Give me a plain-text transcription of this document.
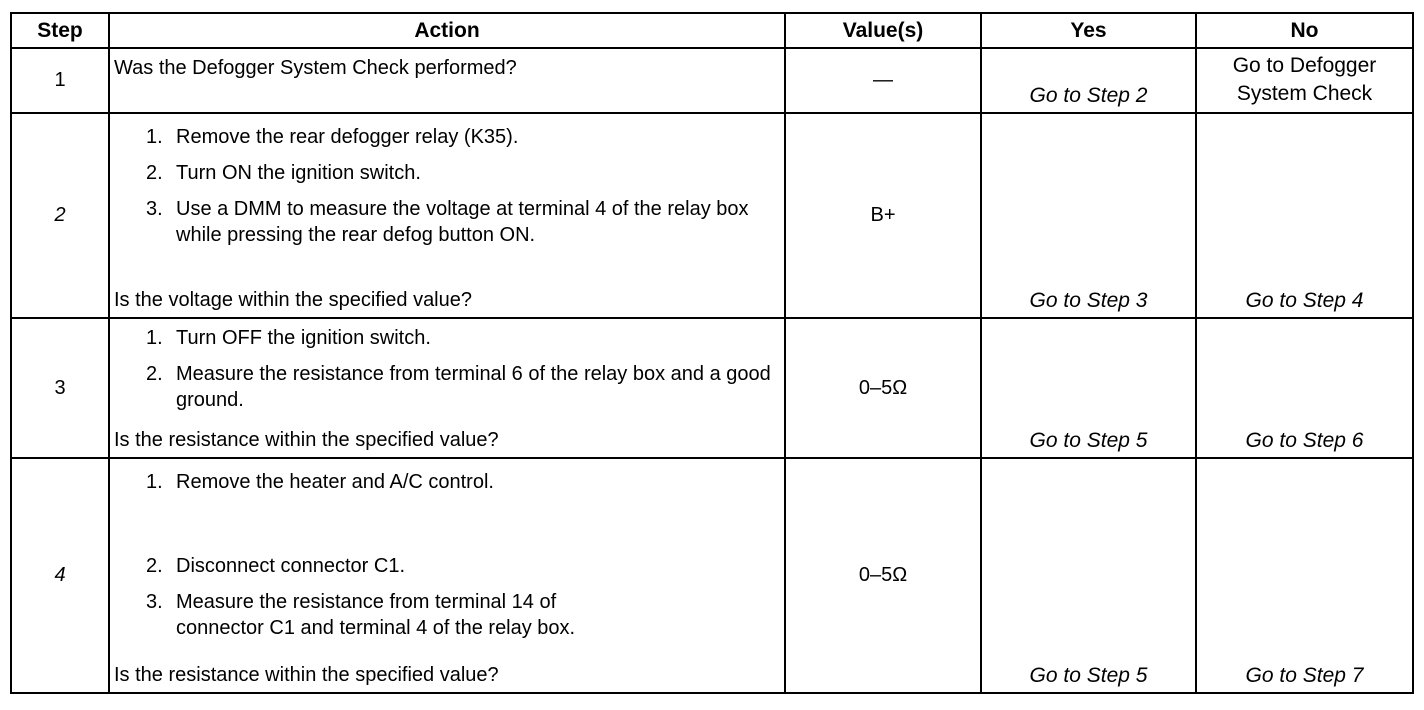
Step	Action	Value(s)	Yes	No
1	Was the Defogger System Check performed?	—	Go to Step 2	Go to Defogger
System Check

2	1. Remove the rear defogger relay (K35).
2. Turn ON the ignition switch.
3. Use a DMM to measure the voltage at terminal 4 of the relay box while pressing the rear defog button ON.
Is the voltage within the specified value?	B+	Go to Step 3	Go to Step 4

3	1. Turn OFF the ignition switch.
2. Measure the resistance from terminal 6 of the relay box and a good ground.
Is the resistance within the specified value?	0–5Ω	Go to Step 5	Go to Step 6

4	1. Remove the heater and A/C control.
2. Disconnect connector C1.
3. Measure the resistance from terminal 14 of connector C1 and terminal 4 of the relay box.
Is the resistance within the specified value?	0–5Ω	Go to Step 5	Go to Step 7
